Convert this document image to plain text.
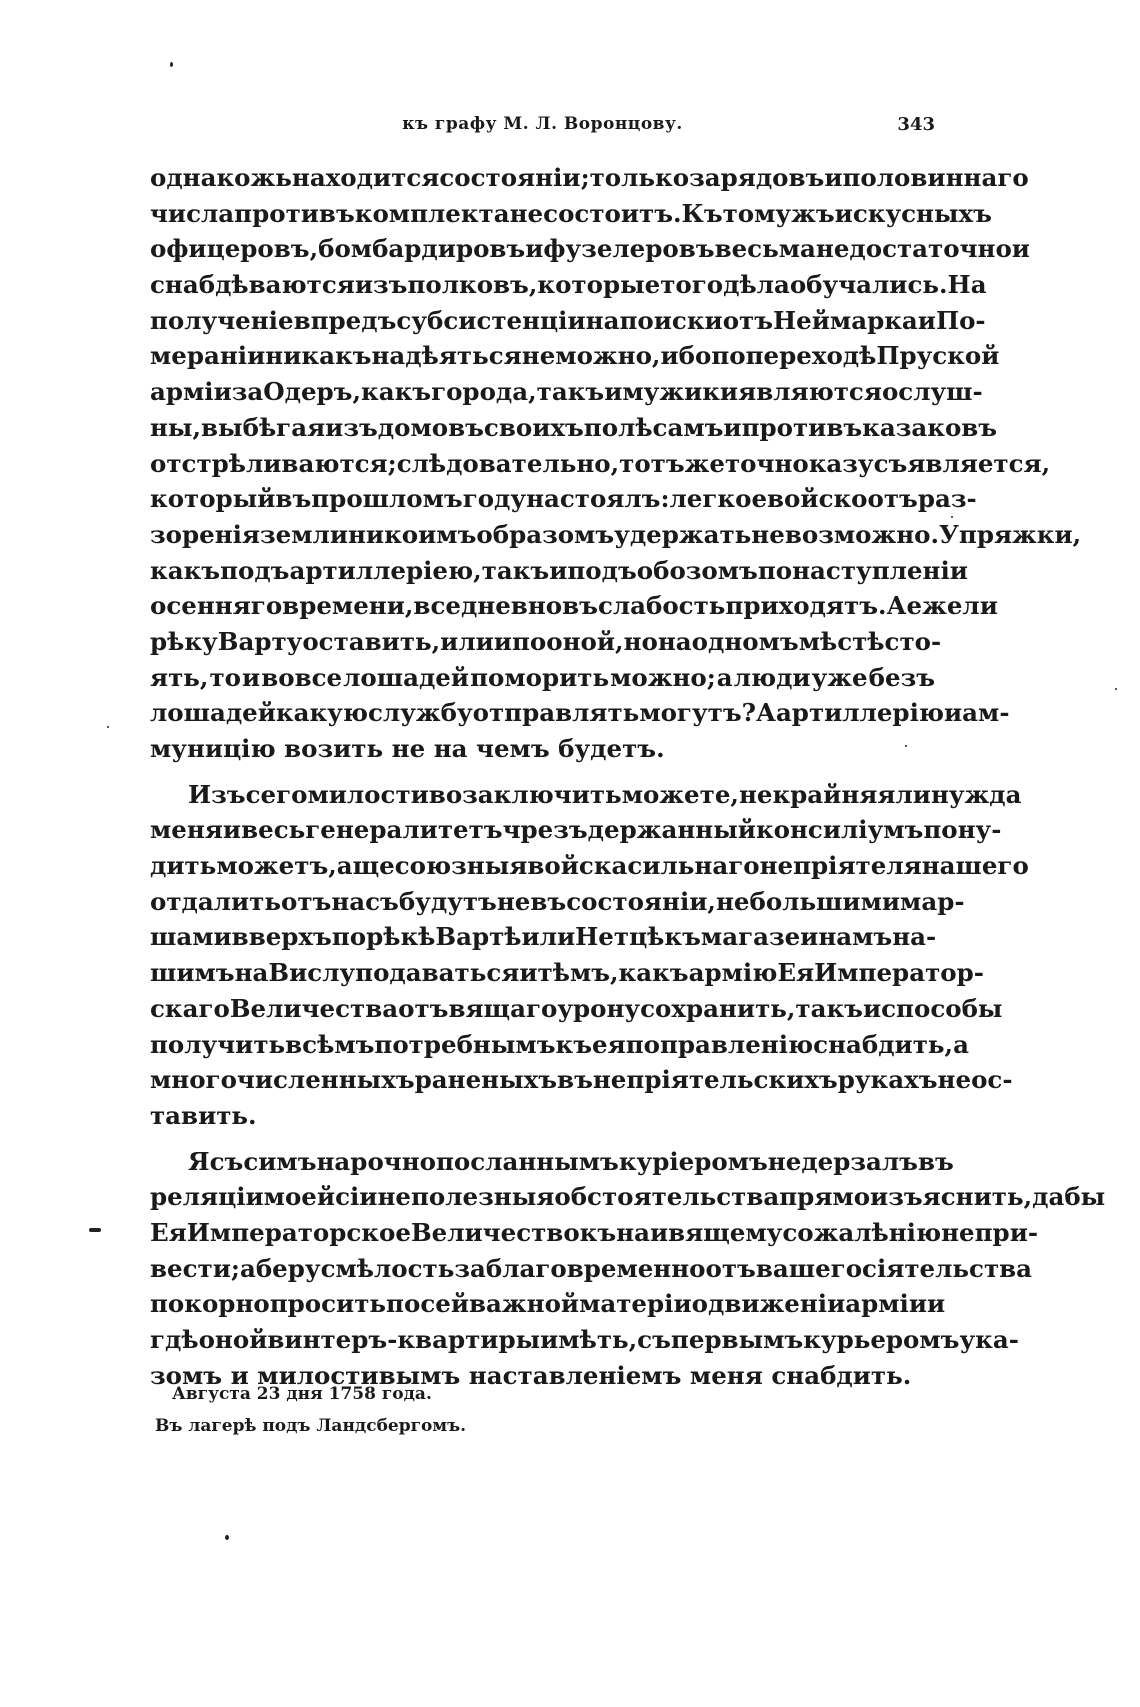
къ графу М. Л. Воронцову.	343
однакожь находится состояніи; только зарядовъ и половиннаго
числа противъ комплекта не состоитъ. Къ тому жъ искусныхъ
офицеровъ, бомбардировъ и фузелеровъ весьма недостаточно и
снабдѣваются изъ полковъ, которые того дѣла обучались. На
полученіе впредъ субсистенціи на поиски отъ Неймарка и По-
мераніи никакъ надѣяться не можно, ибо по переходѣ Пруской
арміи за Одеръ, какъ города, такъ и мужики являются ослуш-
ны, выбѣгая изъ домовъ своихъ по лѣсамъ и противъ казаковъ
отстрѣливаются; слѣдовательно, тотъ же точно казусъ является,
который въ прошломъ году настоялъ: легкое войско отъ раз-
зоренія земли никоимъ образомъ удержать не возможно. Упряжки,
какъ подъ артиллеріею, такъ и подъ обозомъ по наступленіи
осенняго времени, вседневно въ слабость приходятъ. А ежели
рѣку Варту оставить, или и по оной, но на одномъ мѣстѣ сто-
ять, то и вовсе лошадей поморить можно; а люди уже безъ
лошадей какую службу отправлять могутъ? А артиллерію и ам-
муницію возить не на чемъ будетъ.
Изъ сего милостиво заключить можете, не крайняя ли нужда
меня и весь генералитетъ чрезъ держанный консиліумъ пону-
дить можетъ, аще союзныя войска сильнаго непріятеля нашего
отдалить отъ насъ будутъ не въ состояніи, небольшими мар-
шами вверхъ по рѣкѣ Вартѣ или Нетцѣ къ магазеинамъ на-
шимъ на Вислу подаваться и тѣмъ, какъ армію Ея Император-
скаго Величества отъ вящаго урону сохранить, такъ и способы
получить всѣмъ потребнымъ къ ея поправленію снабдить, а
многочисленныхъ раненыхъ въ непріятельскихъ рукахъ не ос-
тавить.
Я съ симъ нарочно посланнымъ куріеромъ не дерзалъ въ
реляціи моей сіи неполезныя обстоятельства прямо изъяснить, дабы
Ея Императорское Величество къ наивящему сожалѣнію не при-
вести; а беру смѣлость заблаговременно отъ вашего сіятельства
покорно просить по сей важной матеріи о движеніи арміи и
гдѣ оной винтеръ-квартиры имѣть, съ первымъ курьеромъ ука-
зомъ и милостивымъ наставленіемъ меня снабдить.
Августа 23 дня 1758 года.
Въ лагерѣ подъ Ландсбергомъ.
